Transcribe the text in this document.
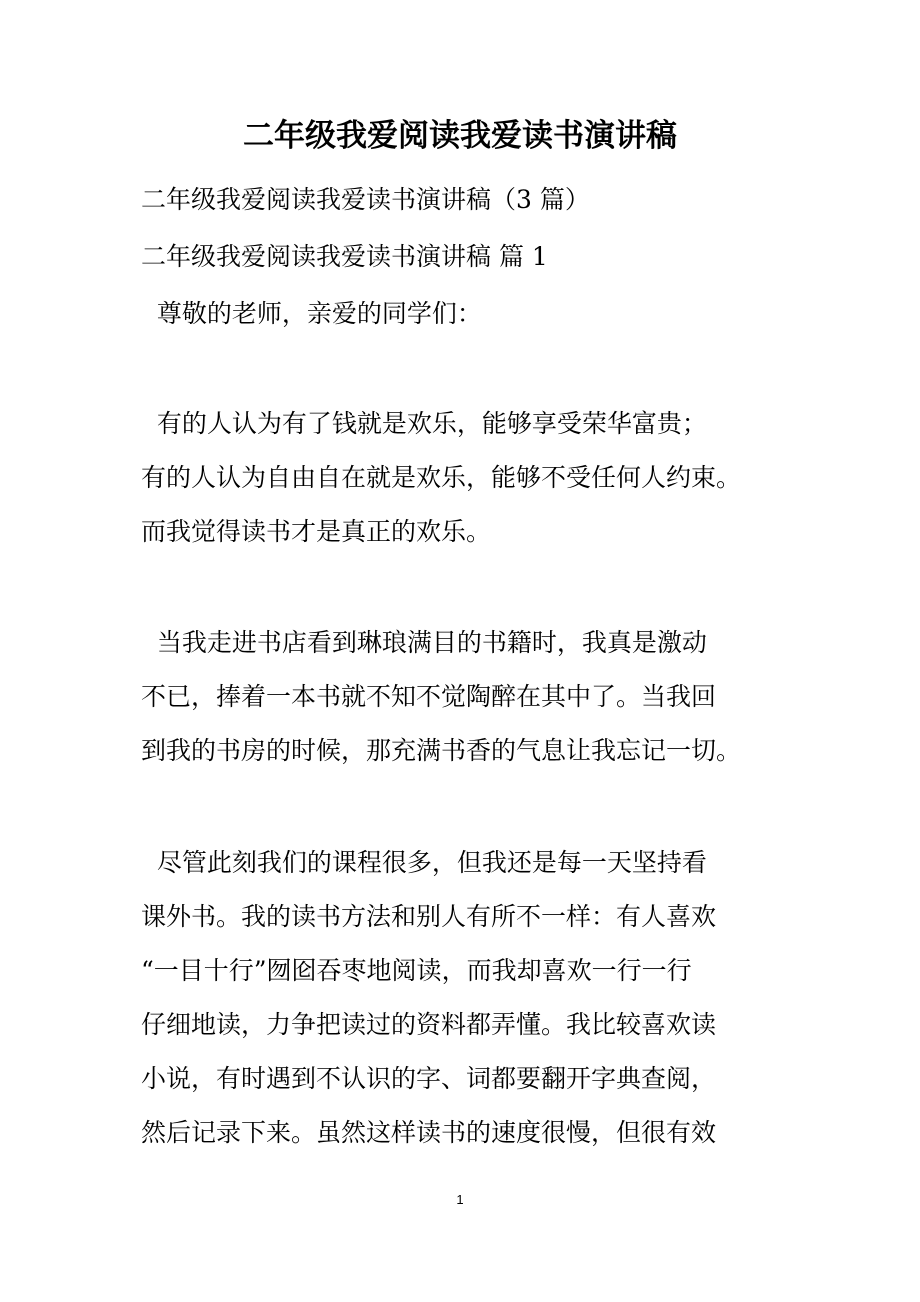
二年级我爱阅读我爱读书演讲稿

二年级我爱阅读我爱读书演讲稿（3 篇）

二年级我爱阅读我爱读书演讲稿 篇 1

尊敬的老师，亲爱的同学们：

有的人认为有了钱就是欢乐，能够享受荣华富贵；
有的人认为自由自在就是欢乐，能够不受任何人约束。
而我觉得读书才是真正的欢乐。
当我走进书店看到琳琅满目的书籍时，我真是激动
不已，捧着一本书就不知不觉陶醉在其中了。当我回
到我的书房的时候，那充满书香的气息让我忘记一切。
尽管此刻我们的课程很多，但我还是每一天坚持看
课外书。我的读书方法和别人有所不一样：有人喜欢
“一目十行”囫囵吞枣地阅读，而我却喜欢一行一行
仔细地读，力争把读过的资料都弄懂。我比较喜欢读
小说，有时遇到不认识的字、词都要翻开字典查阅，
然后记录下来。虽然这样读书的速度很慢，但很有效
1
